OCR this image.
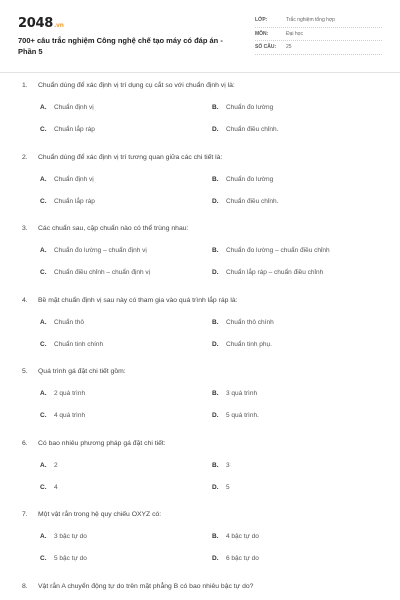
2048.vn
700+ câu trắc nghiệm Công nghệ chế tạo máy có đáp án - Phần 5
LỚP:	Trắc nghiệm tổng hợp
MÔN:	Đại học
SỐ CÂU: 25
1. Chuẩn dùng để xác định vị trí dụng cụ cắt so với chuẩn định vị là:
A. Chuẩn định vị	B. Chuẩn đo lường
C. Chuẩn lắp ráp	D. Chuẩn điều chỉnh.
2. Chuẩn dùng để xác định vị trí tương quan giữa các chi tiết là:
A. Chuẩn định vị	B. Chuẩn đo lường
C. Chuẩn lắp ráp	D. Chuẩn điều chỉnh.
3. Các chuẩn sau, cặp chuẩn nào có thể trùng nhau:
A. Chuẩn đo lường – chuẩn định vị	B. Chuẩn đo lường – chuẩn điều chỉnh
C. Chuẩn điều chỉnh – chuẩn định vị	D. Chuẩn lắp ráp – chuẩn điều chỉnh
4. Bề mặt chuẩn định vị sau này có tham gia vào quá trình lắp ráp là:
A. Chuẩn thô	B. Chuẩn thô chính
C. Chuẩn tinh chính	D. Chuẩn tinh phụ.
5. Quá trình gá đặt chi tiết gồm:
A. 2 quá trình	B. 3 quá trình
C. 4 quá trình	D. 5 quá trình.
6. Có bao nhiêu phương pháp gá đặt chi tiết:
A. 2	B. 3
C. 4	D. 5
7. Một vật rắn trong hệ quy chiếu OXYZ có:
A. 3 bậc tự do	B. 4 bậc tự do
C. 5 bậc tự do	D. 6 bậc tự do
8. Vật rắn A chuyển động tự do trên mặt phẳng B có bao nhiêu bậc tự do?
